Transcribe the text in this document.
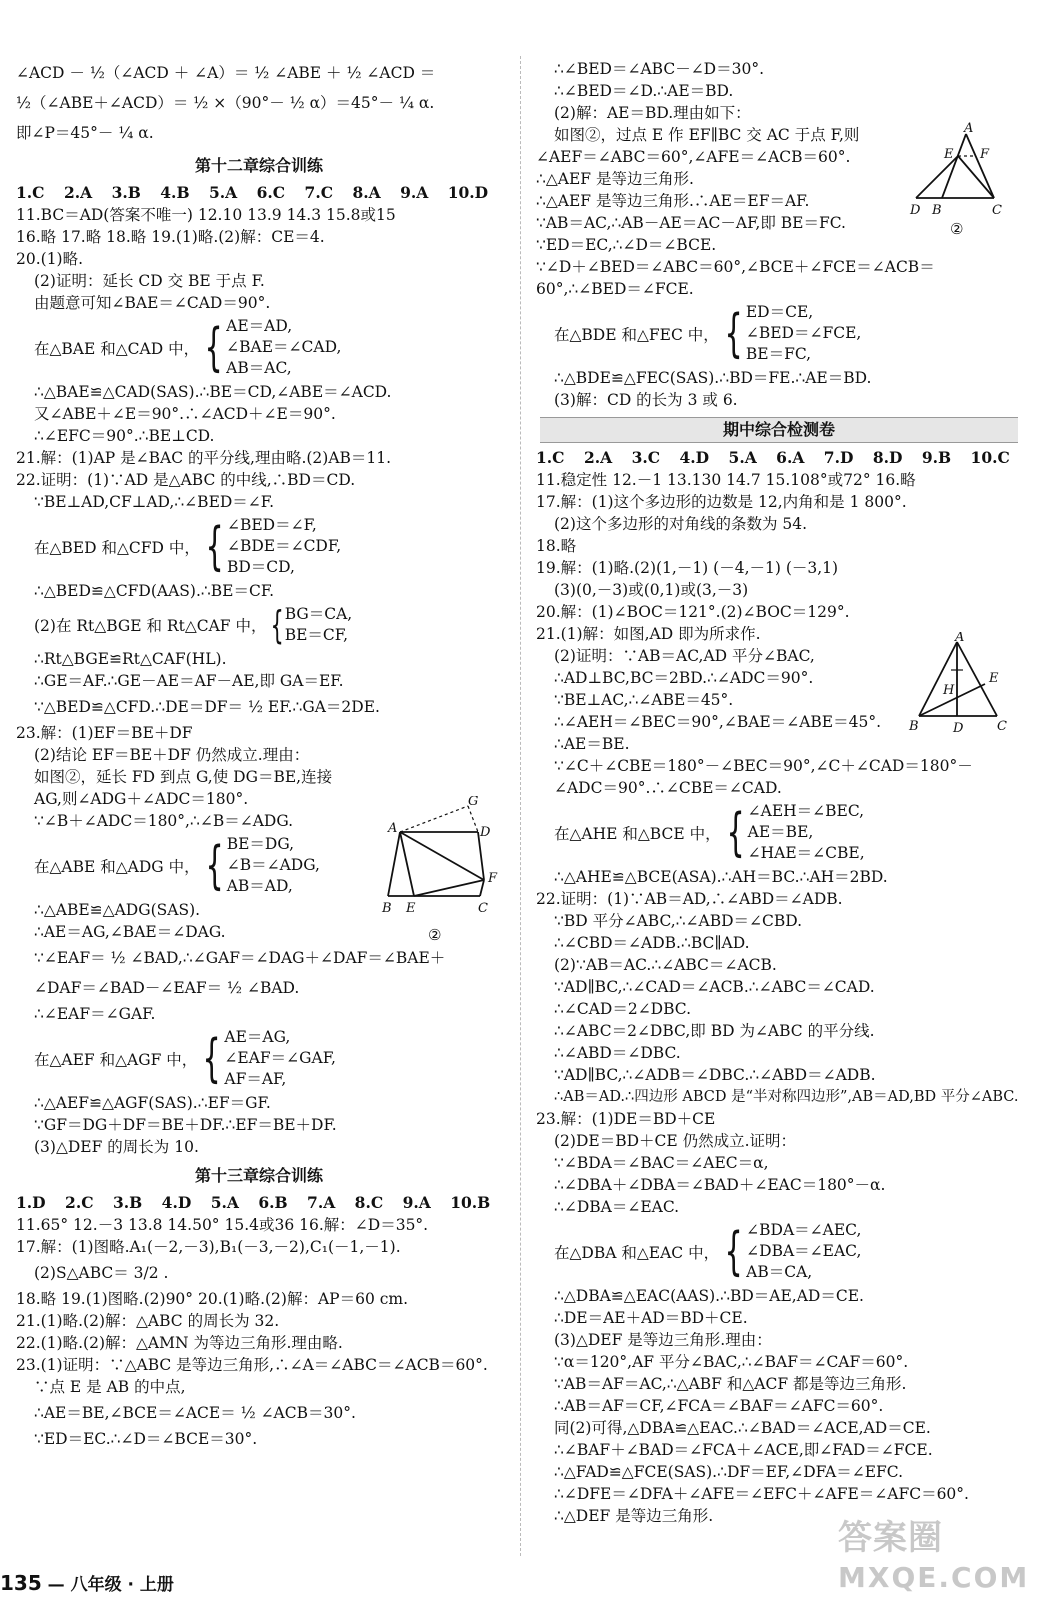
∠ACD － ½（∠ACD ＋ ∠A）＝ ½ ∠ABE ＋ ½ ∠ACD ＝
½（∠ABE＋∠ACD）＝ ½ ×（90°－ ½ α）＝45°－ ¼ α.
即∠P＝45°－ ¼ α.
第十二章综合训练
1.C 2.A 3.B 4.B 5.A 6.C 7.C 8.A 9.A 10.D
11.BC＝AD(答案不唯一) 12.10 13.9 14.3 15.8或15
16.略 17.略 18.略 19.(1)略.(2)解：CE＝4.
20.(1)略.
(2)证明：延长 CD 交 BE 于点 F.
由题意可知∠BAE＝∠CAD＝90°.
在△BAE 和△CAD 中， { AE＝AD,
∠BAE＝∠CAD,
AB＝AC,
∴△BAE≌△CAD(SAS).∴BE＝CD,∠ABE＝∠ACD.
又∠ABE＋∠E＝90°.∴∠ACD＋∠E＝90°.
∴∠EFC＝90°.∴BE⊥CD.
21.解：(1)AP 是∠BAC 的平分线,理由略.(2)AB＝11.
22.证明：(1)∵AD 是△ABC 的中线,∴BD＝CD.
∵BE⊥AD,CF⊥AD,∴∠BED＝∠F.
在△BED 和△CFD 中， { ∠BED＝∠F,
∠BDE＝∠CDF,
BD＝CD,
∴△BED≌△CFD(AAS).∴BE＝CF.
(2)在 Rt△BGE 和 Rt△CAF 中， { BG＝CA,
BE＝CF,
∴Rt△BGE≌Rt△CAF(HL).
∴GE＝AF.∴GE－AE＝AF－AE,即 GA＝EF.
∵△BED≌△CFD.∴DE＝DF＝ ½ EF.∴GA＝2DE.
23.解：(1)EF＝BE＋DF
(2)结论 EF＝BE＋DF 仍然成立.理由：
如图②，延长 FD 到点 G,使 DG＝BE,连接
AG,则∠ADG＋∠ADC＝180°.
∵∠B＋∠ADC＝180°,∴∠B＝∠ADG.
在△ABE 和△ADG 中， { BE＝DG,
∠B＝∠ADG,
AB＝AD,
∴△ABE≌△ADG(SAS).
∴AE＝AG,∠BAE＝∠DAG.
∵∠EAF＝ ½ ∠BAD,∴∠GAF＝∠DAG＋∠DAF＝∠BAE＋
∠DAF＝∠BAD－∠EAF＝ ½ ∠BAD.
∴∠EAF＝∠GAF.
在△AEF 和△AGF 中， { AE＝AG,
∠EAF＝∠GAF,
AF＝AF,
∴△AEF≌△AGF(SAS).∴EF＝GF.
∵GF＝DG＋DF＝BE＋DF.∴EF＝BE＋DF.
(3)△DEF 的周长为 10.
第十三章综合训练
1.D 2.C 3.B 4.D 5.A 6.B 7.A 8.C 9.A 10.B
11.65° 12.－3 13.8 14.50° 15.4或36 16.解：∠D＝35°.
17.解：(1)图略.A₁(－2,－3),B₁(－3,－2),C₁(－1,－1).
(2)S△ABC＝ 3/2 .
18.略 19.(1)图略.(2)90° 20.(1)略.(2)解：AP＝60 cm.
21.(1)略.(2)解：△ABC 的周长为 32.
22.(1)略.(2)解：△AMN 为等边三角形.理由略.
23.(1)证明：∵△ABC 是等边三角形,∴∠A＝∠ABC＝∠ACB＝60°.
∵点 E 是 AB 的中点,
∴AE＝BE,∠BCE＝∠ACE＝ ½ ∠ACB＝30°.
∵ED＝EC.∴∠D＝∠BCE＝30°.
A
G
D
F
B E	C
②
∴∠BED＝∠ABC－∠D＝30°.
∴∠BED＝∠D.∴AE＝BD.
(2)解：AE＝BD.理由如下：
如图②，过点 E 作 EF∥BC 交 AC 于点 F,则
∠AEF＝∠ABC＝60°,∠AFE＝∠ACB＝60°.
∴△AEF 是等边三角形.
∴△AEF 是等边三角形.∴AE＝EF＝AF.
∵AB＝AC,∴AB－AE＝AC－AF,即 BE＝FC.
∵ED＝EC,∴∠D＝∠BCE.
∵∠D＋∠BED＝∠ABC＝60°,∠BCE＋∠FCE＝∠ACB＝
60°,∴∠BED＝∠FCE.
在△BDE 和△FEC 中， { ED＝CE,
∠BED＝∠FCE,
BE＝FC,
∴△BDE≌△FEC(SAS).∴BD＝FE.∴AE＝BD.
(3)解：CD 的长为 3 或 6.
期中综合检测卷
1.C 2.A 3.C 4.D 5.A 6.A 7.D 8.D 9.B 10.C
11.稳定性 12.－1 13.130 14.7 15.108°或72° 16.略
17.解：(1)这个多边形的边数是 12,内角和是 1 800°.
(2)这个多边形的对角线的条数为 54.
18.略
19.解：(1)略.(2)(1,－1) (－4,－1) (－3,1)
(3)(0,－3)或(0,1)或(3,－3)
20.解：(1)∠BOC＝121°.(2)∠BOC＝129°.
21.(1)解：如图,AD 即为所求作.
(2)证明：∵AB＝AC,AD 平分∠BAC,
∴AD⊥BC,BC＝2BD.∴∠ADC＝90°.
∵BE⊥AC,∴∠ABE＝45°.
∴∠AEH＝∠BEC＝90°,∠BAE＝∠ABE＝45°.
∴AE＝BE.
∵∠C＋∠CBE＝180°－∠BEC＝90°,∠C＋∠CAD＝180°－
∠ADC＝90°.∴∠CBE＝∠CAD.
在△AHE 和△BCE 中， { ∠AEH＝∠BEC,
AE＝BE,
∠HAE＝∠CBE,
∴△AHE≌△BCE(ASA).∴AH＝BC.∴AH＝2BD.
22.证明：(1)∵AB＝AD,∴∠ABD＝∠ADB.
∵BD 平分∠ABC,∴∠ABD＝∠CBD.
∴∠CBD＝∠ADB.∴BC∥AD.
(2)∵AB＝AC.∴∠ABC＝∠ACB.
∵AD∥BC,∴∠CAD＝∠ACB.∴∠ABC＝∠CAD.
∴∠CAD＝2∠DBC.
∴∠ABC＝2∠DBC,即 BD 为∠ABC 的平分线.
∴∠ABD＝∠DBC.
∵AD∥BC,∴∠ADB＝∠DBC.∴∠ABD＝∠ADB.
∴AB＝AD.∴四边形 ABCD 是“半对称四边形”,AB＝AD,BD 平分∠ABC.
23.解：(1)DE＝BD＋CE
(2)DE＝BD＋CE 仍然成立.证明：
∵∠BDA＝∠BAC＝∠AEC＝α,
∴∠DBA＋∠DBA＝∠BAD＋∠EAC＝180°－α.
∴∠DBA＝∠EAC.
在△DBA 和△EAC 中， { ∠BDA＝∠AEC,
∠DBA＝∠EAC,
AB＝CA,
∴△DBA≌△EAC(AAS).∴BD＝AE,AD＝CE.
∴DE＝AE＋AD＝BD＋CE.
(3)△DEF 是等边三角形.理由：
∵α＝120°,AF 平分∠BAC,∴∠BAF＝∠CAF＝60°.
∵AB＝AF＝AC,∴△ABF 和△ACF 都是等边三角形.
∴AB＝AF＝CF,∠FCA＝∠BAF＝∠AFC＝60°.
同(2)可得,△DBA≌△EAC.∴∠BAD＝∠ACE,AD＝CE.
∴∠BAF＋∠BAD＝∠FCA＋∠ACE,即∠FAD＝∠FCE.
∴△FAD≌△FCE(SAS).∴DF＝EF,∠DFA＝∠EFC.
∴∠DFE＝∠DFA＋∠AFE＝∠EFC＋∠AFE＝∠AFC＝60°.
∴△DEF 是等边三角形.
A
E F
D B	C
②
A
H
E
B	D	C
135 — 八年级 · 上册
答案圈
MXQE.COM
